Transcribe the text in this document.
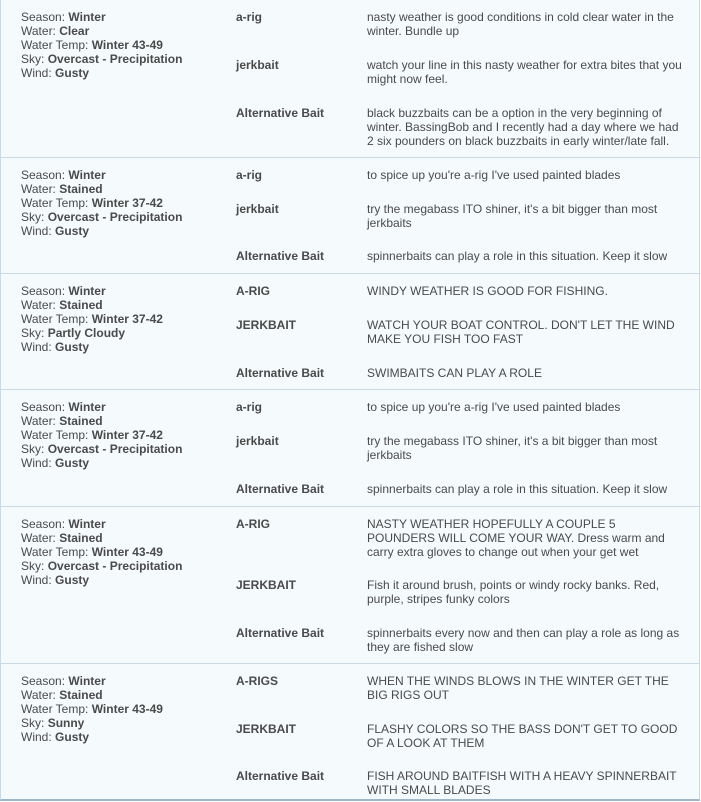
Season: Winter
Water: Clear
Water Temp: Winter 43-49
Sky: Overcast - Precipitation
Wind: Gusty
a-rig	nasty weather is good conditions in cold clear water in the winter. Bundle up
jerkbait	watch your line in this nasty weather for extra bites that you might now feel.
Alternative Bait	black buzzbaits can be a option in the very beginning of winter. BassingBob and I recently had a day where we had 2 six pounders on black buzzbaits in early winter/late fall.
Season: Winter
Water: Stained
Water Temp: Winter 37-42
Sky: Overcast - Precipitation
Wind: Gusty
a-rig	to spice up you're a-rig I've used painted blades
jerkbait	try the megabass ITO shiner, it's a bit bigger than most jerkbaits
Alternative Bait	spinnerbaits can play a role in this situation. Keep it slow
Season: Winter
Water: Stained
Water Temp: Winter 37-42
Sky: Partly Cloudy
Wind: Gusty
A-RIG	WINDY WEATHER IS GOOD FOR FISHING.
JERKBAIT	WATCH YOUR BOAT CONTROL. DON'T LET THE WIND MAKE YOU FISH TOO FAST
Alternative Bait	SWIMBAITS CAN PLAY A ROLE
Season: Winter
Water: Stained
Water Temp: Winter 37-42
Sky: Overcast - Precipitation
Wind: Gusty
a-rig	to spice up you're a-rig I've used painted blades
jerkbait	try the megabass ITO shiner, it's a bit bigger than most jerkbaits
Alternative Bait	spinnerbaits can play a role in this situation. Keep it slow
Season: Winter
Water: Stained
Water Temp: Winter 43-49
Sky: Overcast - Precipitation
Wind: Gusty
A-RIG	NASTY WEATHER HOPEFULLY A COUPLE 5 POUNDERS WILL COME YOUR WAY. Dress warm and carry extra gloves to change out when your get wet
JERKBAIT	Fish it around brush, points or windy rocky banks. Red, purple, stripes funky colors
Alternative Bait	spinnerbaits every now and then can play a role as long as they are fished slow
Season: Winter
Water: Stained
Water Temp: Winter 43-49
Sky: Sunny
Wind: Gusty
A-RIGS	WHEN THE WINDS BLOWS IN THE WINTER GET THE BIG RIGS OUT
JERKBAIT	FLASHY COLORS SO THE BASS DON'T GET TO GOOD OF A LOOK AT THEM
Alternative Bait	FISH AROUND BAITFISH WITH A HEAVY SPINNERBAIT WITH SMALL BLADES
